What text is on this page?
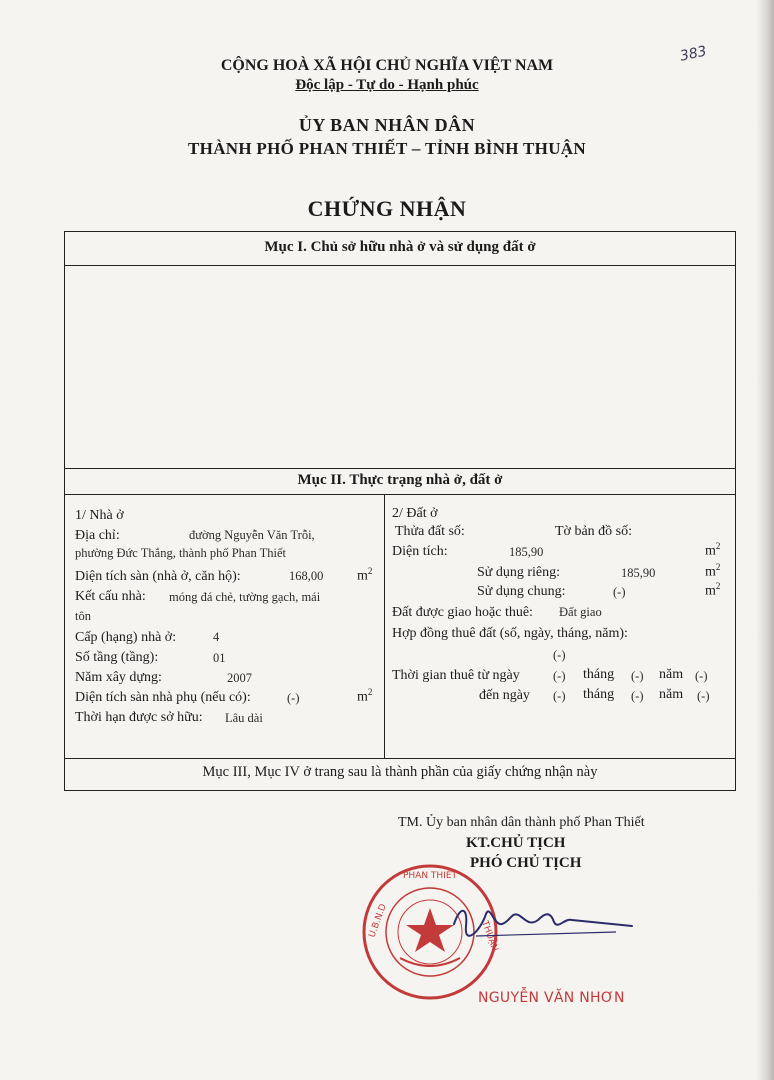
383
CỘNG HOÀ XÃ HỘI CHỦ NGHĨA VIỆT NAM
Độc lập - Tự do - Hạnh phúc
ỦY BAN NHÂN DÂN
THÀNH PHỐ PHAN THIẾT – TỈNH BÌNH THUẬN
CHỨNG NHẬN
Mục I. Chủ sở hữu nhà ở và sử dụng đất ở
Mục II. Thực trạng nhà ở, đất ở
Mục III, Mục IV ở trang sau là thành phần của giấy chứng nhận này
1/ Nhà ở
Địa chỉ:	đường Nguyễn Văn Trỗi,
phường Đức Thắng, thành phố Phan Thiết
Diện tích sàn (nhà ở, căn hộ):	168,00 $m^2$
Kết cấu nhà: móng đá chẻ, tường gạch, mái
tôn
Cấp (hạng) nhà ở:	4
Số tầng (tầng):	01
Năm xây dựng:	2007
Diện tích sàn nhà phụ (nếu có):	(-)	$m^2$
Thời hạn được sở hữu: Lâu dài
2/ Đất ở
Thửa đất số:	Tờ bản đồ số:
Diện tích:	185,90	$m^2$
Sử dụng riêng:	185,90	$m^2$
Sử dụng chung:	(-)	$m^2$
Đất được giao hoặc thuê: Đất giao
Hợp đồng thuê đất (số, ngày, tháng, năm):
(-)
Thời gian thuê từ ngày	(-) tháng (-) năm (-)
đến ngày (-) tháng (-) năm (-)
TM. Ủy ban nhân dân thành phố Phan Thiết
KT.CHỦ TỊCH
PHÓ CHỦ TỊCH
PHAN THIẾT
U.B.N.D	THUẬN
NGUYỄN VĂN NHƠN
